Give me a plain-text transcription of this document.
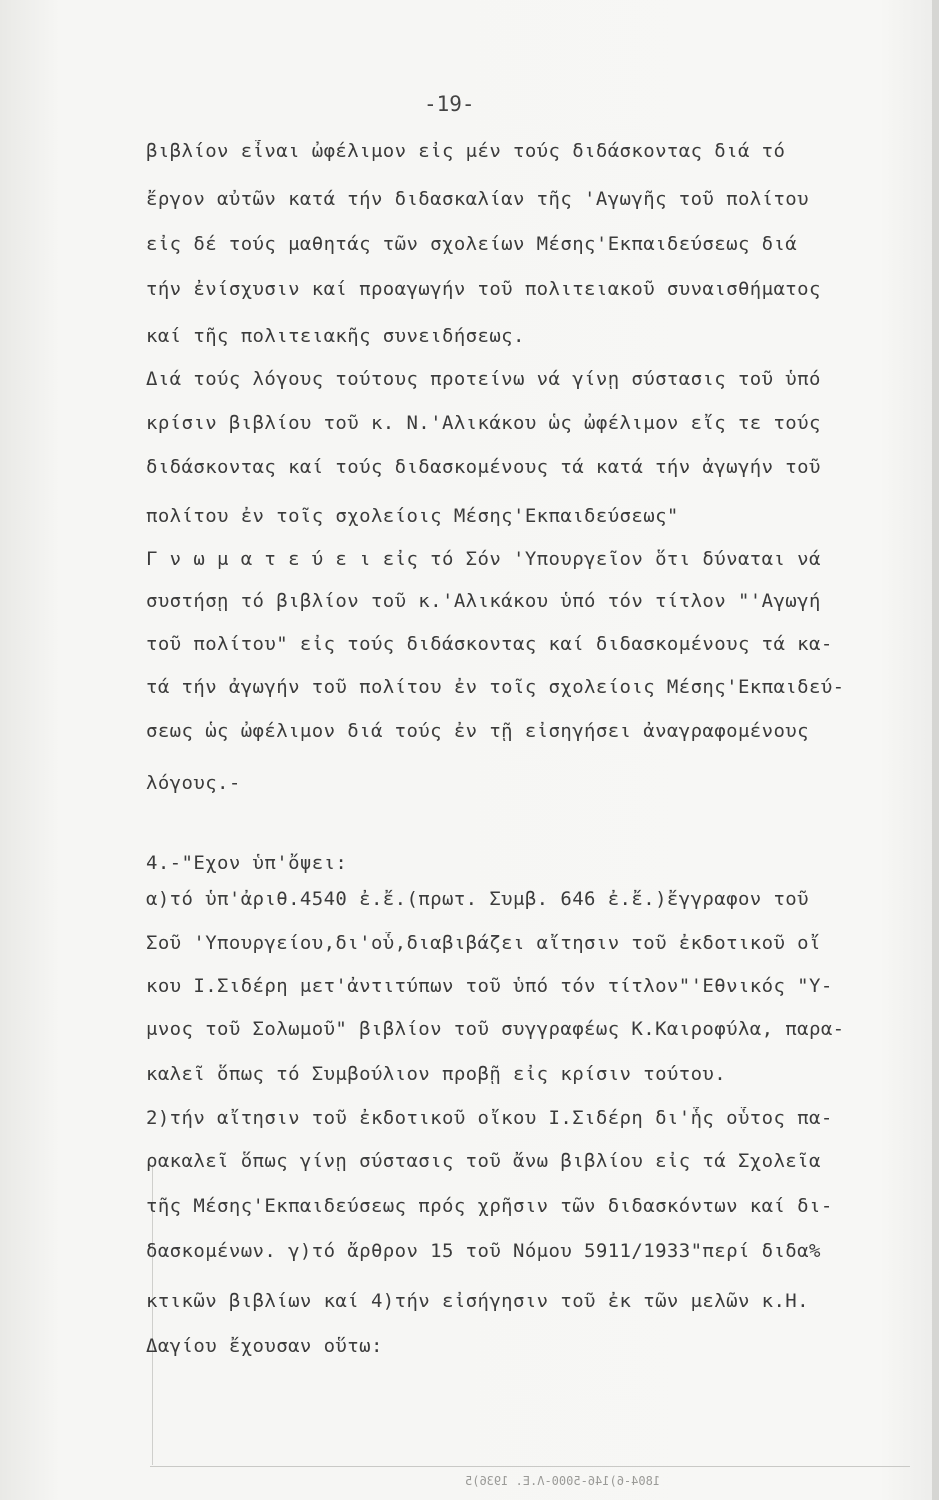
-19-
βιβλίον εἶναι ὠφέλιμον εἰς μέν τούς διδάσκοντας διά τό
ἔργον αὐτῶν κατά τήν διδασκαλίαν τῆς 'Αγωγῆς τοῦ πολίτου
εἰς δέ τούς μαθητάς τῶν σχολείων Μέσης'Εκπαιδεύσεως διά
τήν ἐνίσχυσιν καί προαγωγήν τοῦ πολιτειακοῦ συναισθήματος
καί τῆς πολιτειακῆς συνειδήσεως.
Διά τούς λόγους τούτους προτείνω νά γίνῃ σύστασις τοῦ ὑπό
κρίσιν βιβλίου τοῦ κ. Ν.'Αλικάκου ὡς ὠφέλιμον εἴς τε τούς
διδάσκοντας καί τούς διδασκομένους τά κατά τήν ἀγωγήν τοῦ
πολίτου ἐν τοῖς σχολείοις Μέσης'Εκπαιδεύσεως"
Γ ν ω μ α τ ε ύ ε ι εἰς τό Σόν 'Υπουργεῖον ὅτι δύναται νά
συστήσῃ τό βιβλίον τοῦ κ.'Αλικάκου ὑπό τόν τίτλον "'Αγωγή
τοῦ πολίτου" εἰς τούς διδάσκοντας καί διδασκομένους τά κα-
τά τήν ἀγωγήν τοῦ πολίτου ἐν τοῖς σχολείοις Μέσης'Εκπαιδεύ-
σεως ὡς ὠφέλιμον διά τούς ἐν τῇ εἰσηγήσει ἀναγραφομένους
λόγους.-
4.-"Εχον ὑπ'ὄψει:
α)τό ὑπ'ἀριθ.4540 ἐ.ἔ.(πρωτ. Συμβ. 646 ἐ.ἔ.)ἔγγραφον τοῦ
Σοῦ 'Υπουργείου,δι'οὗ,διαβιβάζει αἴτησιν τοῦ ἐκδοτικοῦ οἴ
κου Ι.Σιδέρη μετ'ἀντιτύπων τοῦ ὑπό τόν τίτλον"'Εθνικός "Υ-
μνος τοῦ Σολωμοῦ" βιβλίον τοῦ συγγραφέως Κ.Καιροφύλα, παρα-
καλεῖ ὅπως τό Συμβούλιον προβῇ εἰς κρίσιν τούτου.
2)τήν αἴτησιν τοῦ ἐκδοτικοῦ οἴκου Ι.Σιδέρη δι'ἧς οὗτος πα-
ρακαλεῖ ὅπως γίνῃ σύστασις τοῦ ἄνω βιβλίου εἰς τά Σχολεῖα
τῆς Μέσης'Εκπαιδεύσεως πρός χρῆσιν τῶν διδασκόντων καί δι-
δασκομένων. γ)τό ἄρθρον 15 τοῦ Νόμου 5911/1933"περί διδα%
κτικῶν βιβλίων καί 4)τήν εἰσήγησιν τοῦ ἐκ τῶν μελῶν κ.Η.
Δαγίου ἔχουσαν οὕτω:
1804-6)146-5000-Λ.Ε. 1936)5
